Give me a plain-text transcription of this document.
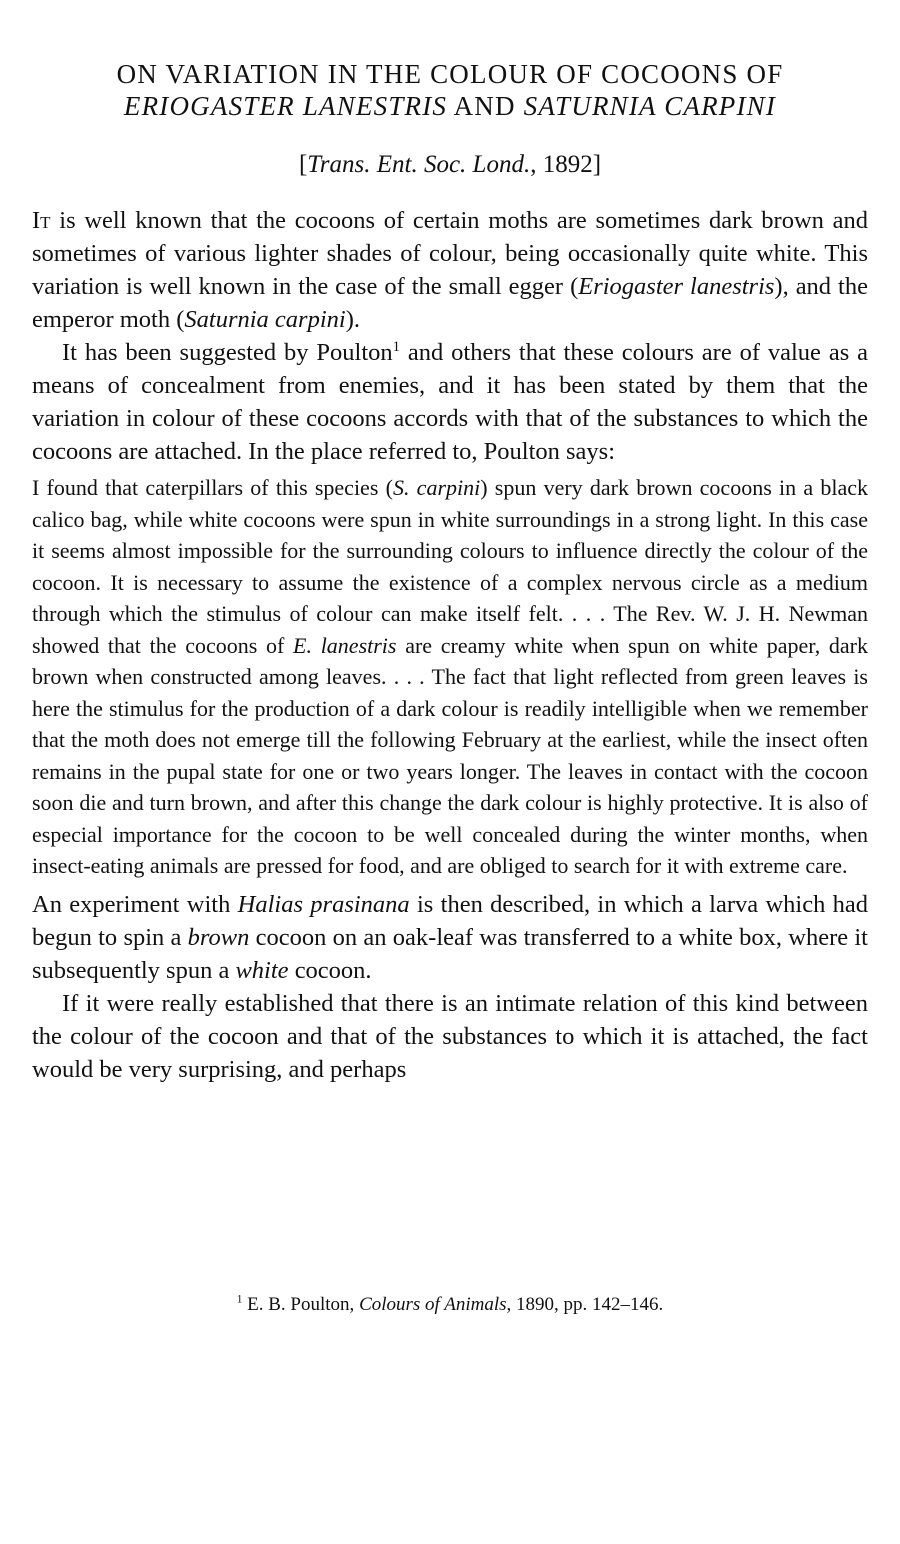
ON VARIATION IN THE COLOUR OF COCOONS OF
ERIOGASTER LANESTRIS AND SATURNIA CARPINI
[Trans. Ent. Soc. Lond., 1892]

It is well known that the cocoons of certain moths are sometimes dark brown and sometimes of various lighter shades of colour, being occasionally quite white. This variation is well known in the case of the small egger (Eriogaster lanestris), and the emperor moth (Saturnia carpini).

It has been suggested by Poulton$^1$ and others that these colours are of value as a means of concealment from enemies, and it has been stated by them that the variation in colour of these cocoons accords with that of the substances to which the cocoons are attached. In the place referred to, Poulton says:

I found that caterpillars of this species (S. carpini) spun very dark brown cocoons in a black calico bag, while white cocoons were spun in white surroundings in a strong light. In this case it seems almost impossible for the surrounding colours to influence directly the colour of the cocoon. It is necessary to assume the existence of a complex nervous circle as a medium through which the stimulus of colour can make itself felt. . . . The Rev. W. J. H. Newman showed that the cocoons of E. lanestris are creamy white when spun on white paper, dark brown when constructed among leaves. . . . The fact that light reflected from green leaves is here the stimulus for the production of a dark colour is readily intelligible when we remember that the moth does not emerge till the following February at the earliest, while the insect often remains in the pupal state for one or two years longer. The leaves in contact with the cocoon soon die and turn brown, and after this change the dark colour is highly protective. It is also of especial importance for the cocoon to be well concealed during the winter months, when insect-eating animals are pressed for food, and are obliged to search for it with extreme care.

An experiment with Halias prasinana is then described, in which a larva which had begun to spin a brown cocoon on an oak-leaf was transferred to a white box, where it subsequently spun a white cocoon.

If it were really established that there is an intimate relation of this kind between the colour of the cocoon and that of the substances to which it is attached, the fact would be very surprising, and perhaps

$^1$ E. B. Poulton, Colours of Animals, 1890, pp. 142–146.
